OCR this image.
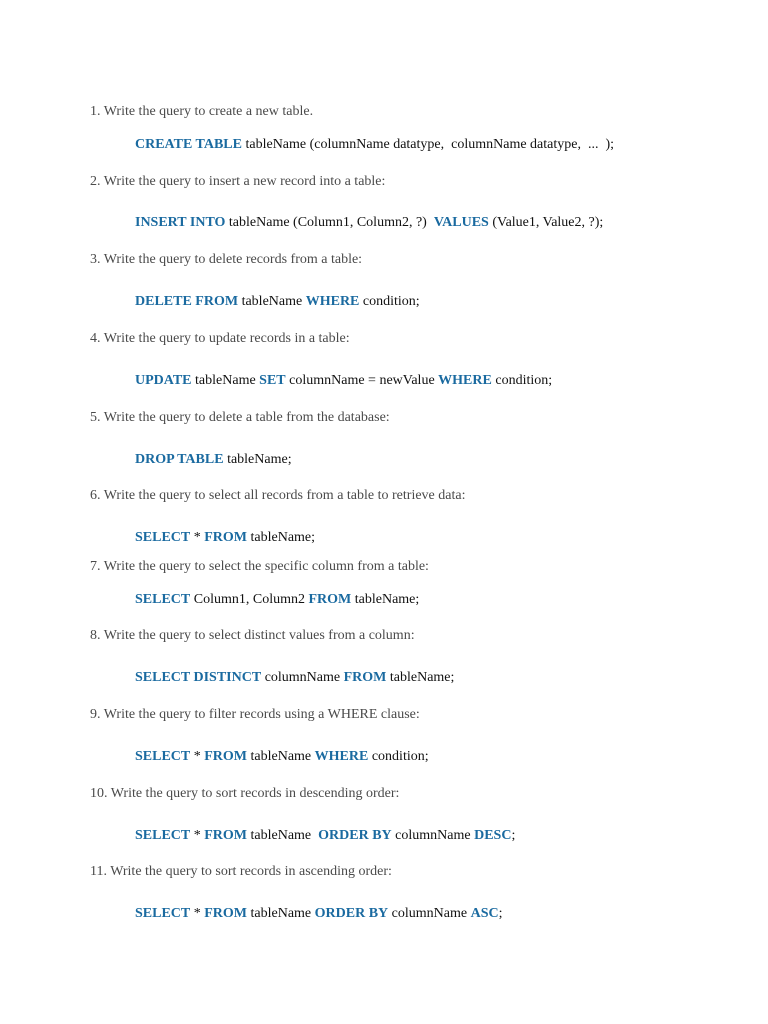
1. Write the query to create a new table.
CREATE TABLE tableName (columnName datatype,  columnName datatype,  ...  );
2. Write the query to insert a new record into a table:
INSERT INTO tableName (Column1, Column2, ?)  VALUES (Value1, Value2, ?);
3. Write the query to delete records from a table:
DELETE FROM tableName WHERE condition;
4. Write the query to update records in a table:
UPDATE tableName SET columnName = newValue WHERE condition;
5. Write the query to delete a table from the database:
DROP TABLE tableName;
6. Write the query to select all records from a table to retrieve data:
SELECT * FROM tableName;
7. Write the query to select the specific column from a table:
SELECT Column1, Column2 FROM tableName;
8. Write the query to select distinct values from a column:
SELECT DISTINCT columnName FROM tableName;
9. Write the query to filter records using a WHERE clause:
SELECT * FROM tableName WHERE condition;
10. Write the query to sort records in descending order:
SELECT * FROM tableName  ORDER BY columnName DESC;
11. Write the query to sort records in ascending order:
SELECT * FROM tableName ORDER BY columnName ASC;
